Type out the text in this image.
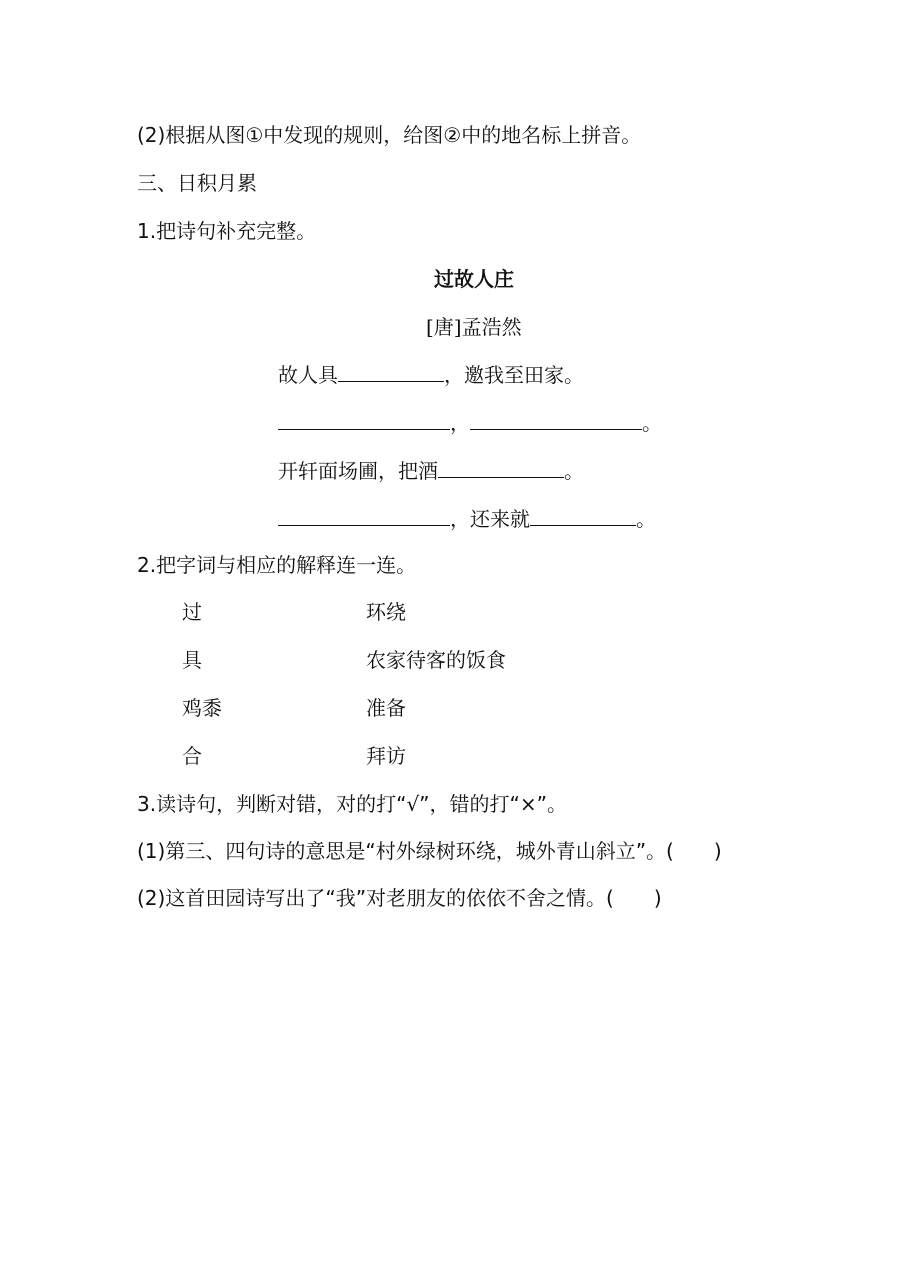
(2)根据从图①中发现的规则，给图②中的地名标上拼音。
三、日积月累
1.把诗句补充完整。
过故人庄
[唐]孟浩然
故人具	，邀我至田家。
，	。
开轩面场圃，把酒	。
，还来就	。
2.把字词与相应的解释连一连。
过	环绕
具	农家待客的饭食
鸡黍	准备
合	拜访
3.读诗句，判断对错，对的打“√”，错的打“×”。
(1)第三、四句诗的意思是“村外绿树环绕，城外青山斜立”。( )
(2)这首田园诗写出了“我”对老朋友的依依不舍之情。( )
